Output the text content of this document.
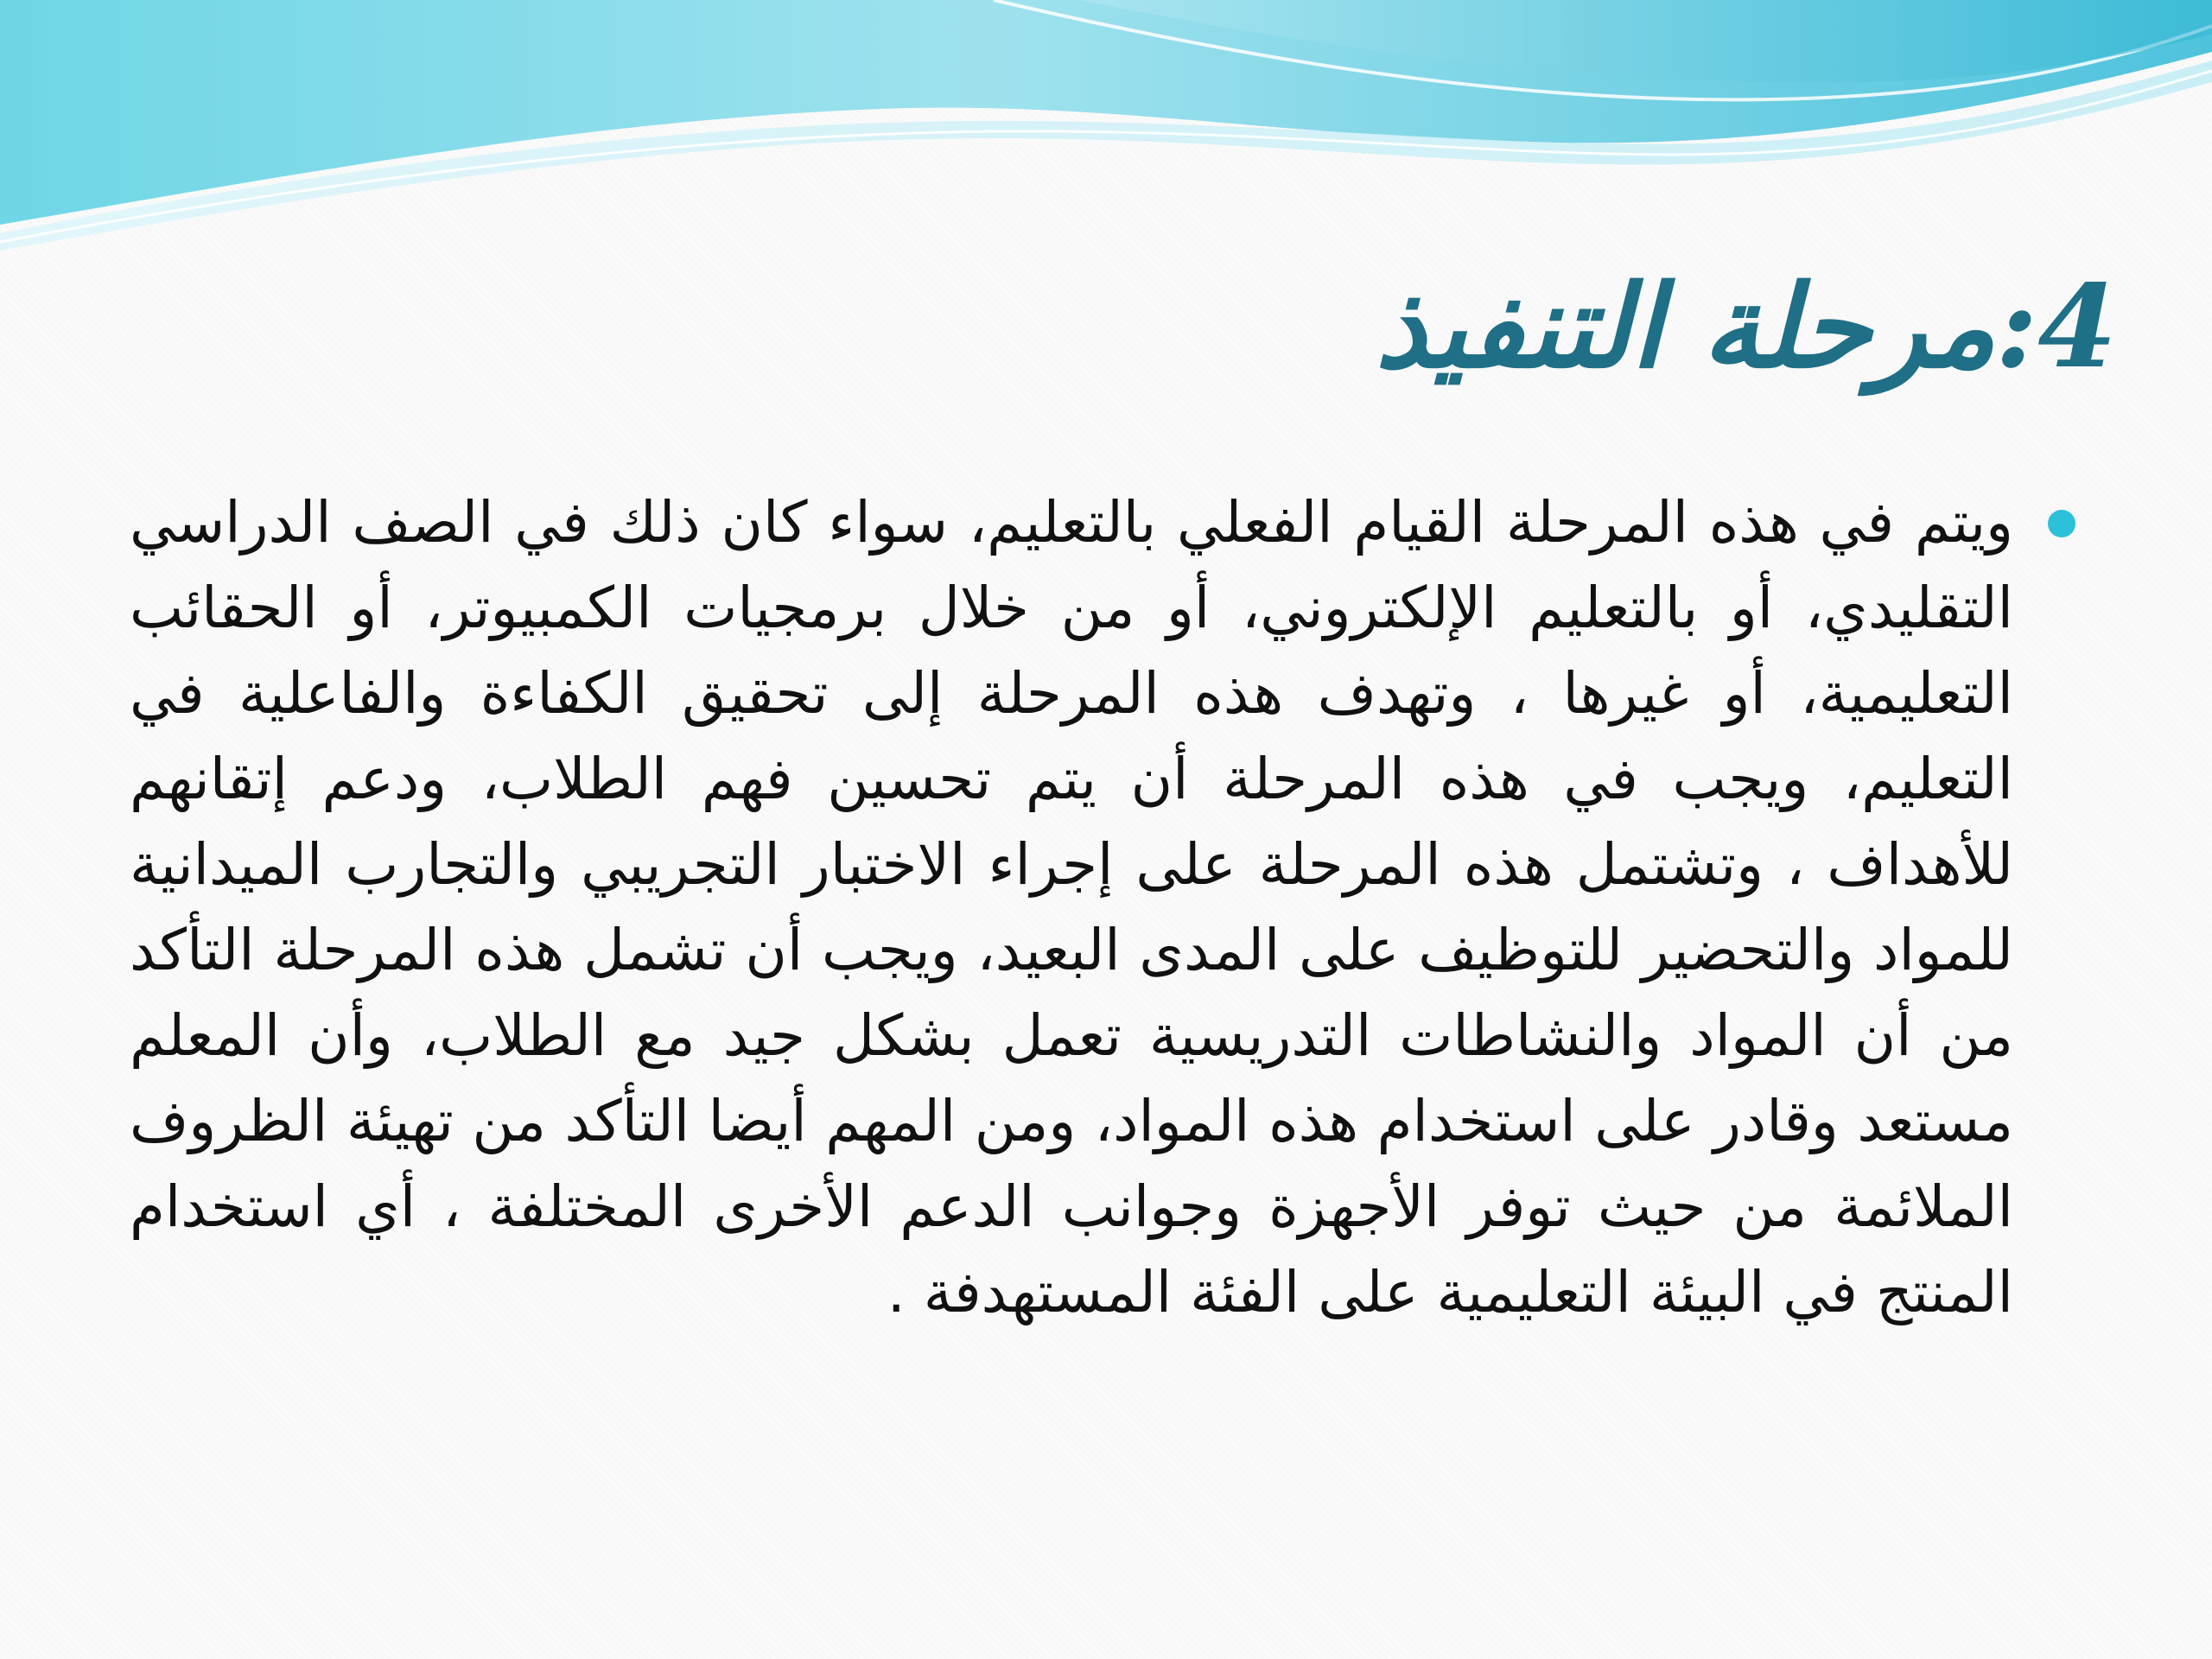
4:مرحلة التنفيذ
ويتم في هذه المرحلة القيام الفعلي بالتعليم، سواء كان ذلك في الصف الدراسي التقليدي، أو بالتعليم الإلكتروني، أو من خلال برمجيات الكمبيوتر، أو الحقائب التعليمية، أو غيرها ، وتهدف هذه المرحلة إلى تحقيق الكفاءة والفاعلية في التعليم، ويجب في هذه المرحلة أن يتم تحسين فهم الطلاب، ودعم إتقانهم للأهداف ، وتشتمل هذه المرحلة على إجراء الاختبار التجريبي والتجارب الميدانية للمواد والتحضير للتوظيف على المدى البعيد، ويجب أن تشمل هذه المرحلة التأكد من أن المواد والنشاطات التدريسية تعمل بشكل جيد مع الطلاب، وأن المعلم مستعد وقادر على استخدام هذه المواد، ومن المهم أيضا التأكد من تهيئة الظروف الملائمة من حيث توفر الأجهزة وجوانب الدعم الأخرى المختلفة ، أي استخدام المنتج في البيئة التعليمية على الفئة المستهدفة .
